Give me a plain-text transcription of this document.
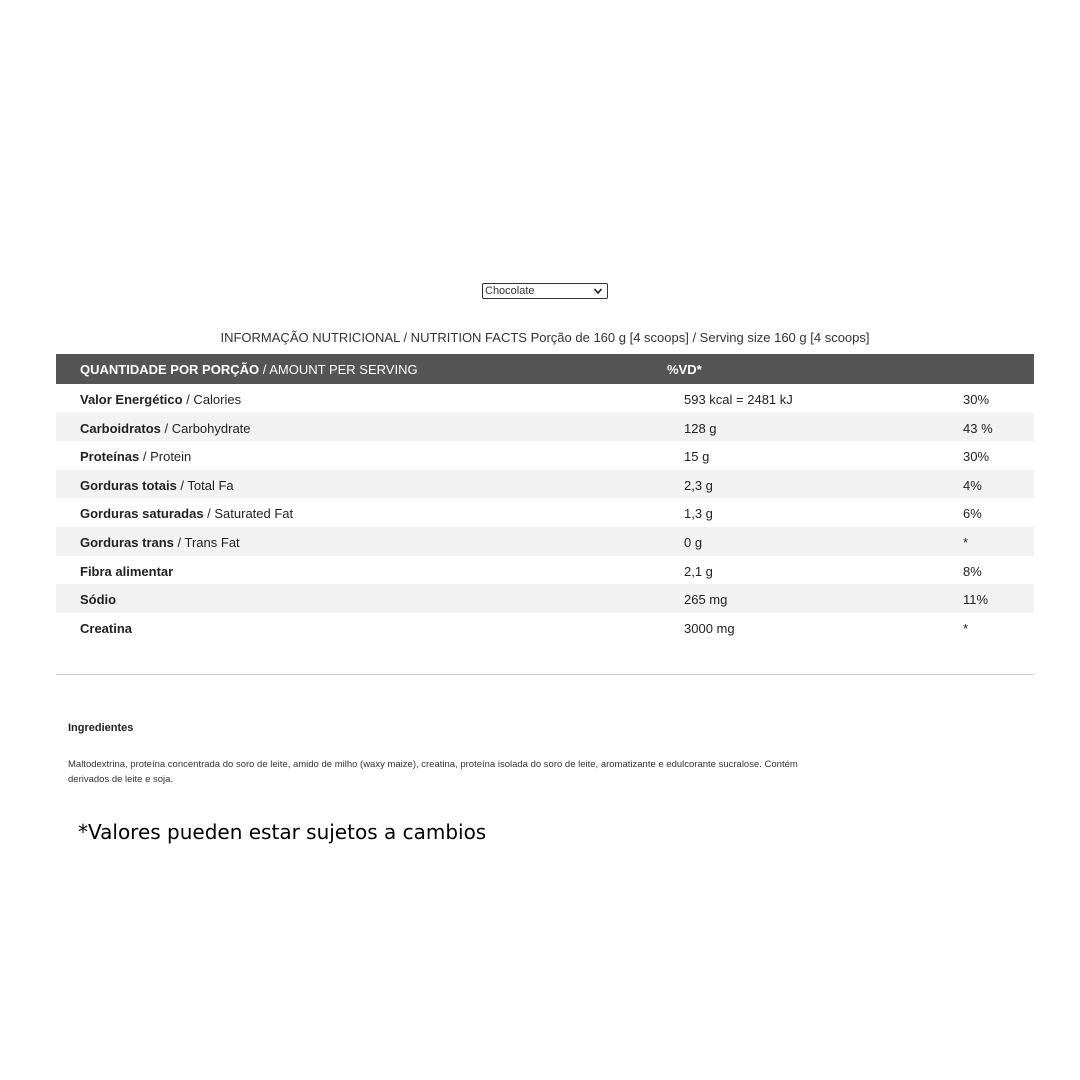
Chocolate
INFORMAÇÃO NUTRICIONAL / NUTRITION FACTS Porção de 160 g [4 scoops] / Serving size 160 g [4 scoops]
QUANTIDADE POR PORÇÃO / AMOUNT PER SERVING	%VD*
Valor Energético / Calories	593 kcal = 2481 kJ	30%
Carboidratos / Carbohydrate	128 g	43 %
Proteínas / Protein	15 g	30%
Gorduras totais / Total Fa	2,3 g	4%
Gorduras saturadas / Saturated Fat	1,3 g	6%
Gorduras trans / Trans Fat	0 g	*
Fibra alimentar	2,1 g	8%
Sódio	265 mg	11%
Creatina	3000 mg	*
Ingredientes
Maltodextrina, proteína concentrada do soro de leite, amido de milho (waxy maize), creatina, proteína isolada do soro de leite, aromatizante e edulcorante sucralose. Contém derivados de leite e soja.
*Valores pueden estar sujetos a cambios
